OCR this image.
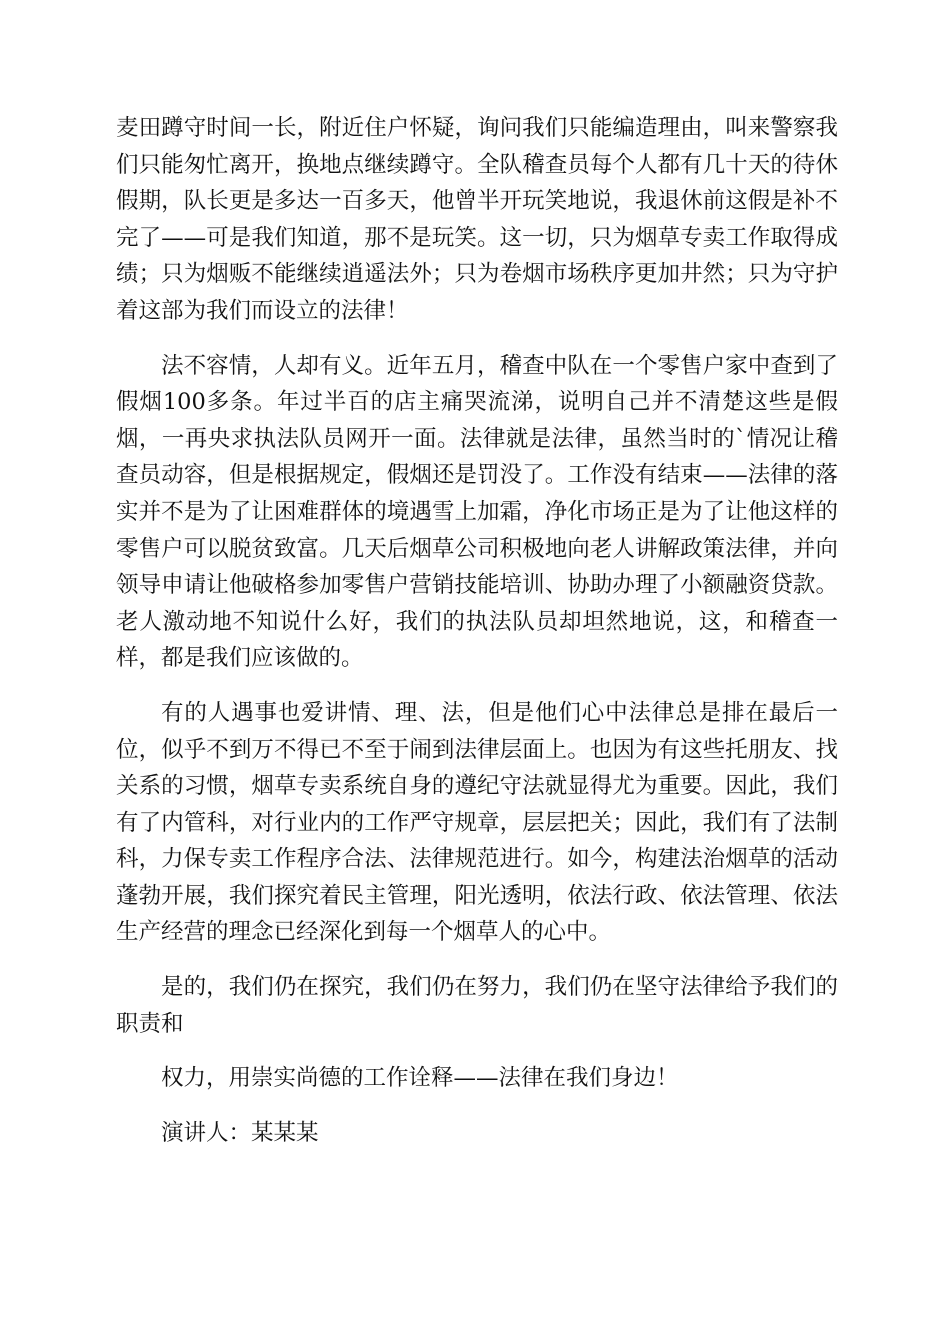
麦田蹲守时间一长，附近住户怀疑，询问我们只能编造理由，叫来警察我们只能匆忙离开，换地点继续蹲守。全队稽查员每个人都有几十天的待休假期，队长更是多达一百多天，他曾半开玩笑地说，我退休前这假是补不完了——可是我们知道，那不是玩笑。这一切，只为烟草专卖工作取得成绩；只为烟贩不能继续逍遥法外；只为卷烟市场秩序更加井然；只为守护着这部为我们而设立的法律！

法不容情，人却有义。近年五月，稽查中队在一个零售户家中查到了假烟100多条。年过半百的店主痛哭流涕，说明自己并不清楚这些是假烟，一再央求执法队员网开一面。法律就是法律，虽然当时的`情况让稽查员动容，但是根据规定，假烟还是罚没了。工作没有结束——法律的落实并不是为了让困难群体的境遇雪上加霜，净化市场正是为了让他这样的零售户可以脱贫致富。几天后烟草公司积极地向老人讲解政策法律，并向领导申请让他破格参加零售户营销技能培训、协助办理了小额融资贷款。老人激动地不知说什么好，我们的执法队员却坦然地说，这，和稽查一样，都是我们应该做的。

有的人遇事也爱讲情、理、法，但是他们心中法律总是排在最后一位，似乎不到万不得已不至于闹到法律层面上。也因为有这些托朋友、找关系的习惯，烟草专卖系统自身的遵纪守法就显得尤为重要。因此，我们有了内管科，对行业内的工作严守规章，层层把关；因此，我们有了法制科，力保专卖工作程序合法、法律规范进行。如今，构建法治烟草的活动蓬勃开展，我们探究着民主管理，阳光透明，依法行政、依法管理、依法生产经营的理念已经深化到每一个烟草人的心中。

是的，我们仍在探究，我们仍在努力，我们仍在坚守法律给予我们的职责和

权力，用崇实尚德的工作诠释——法律在我们身边！

演讲人：某某某
